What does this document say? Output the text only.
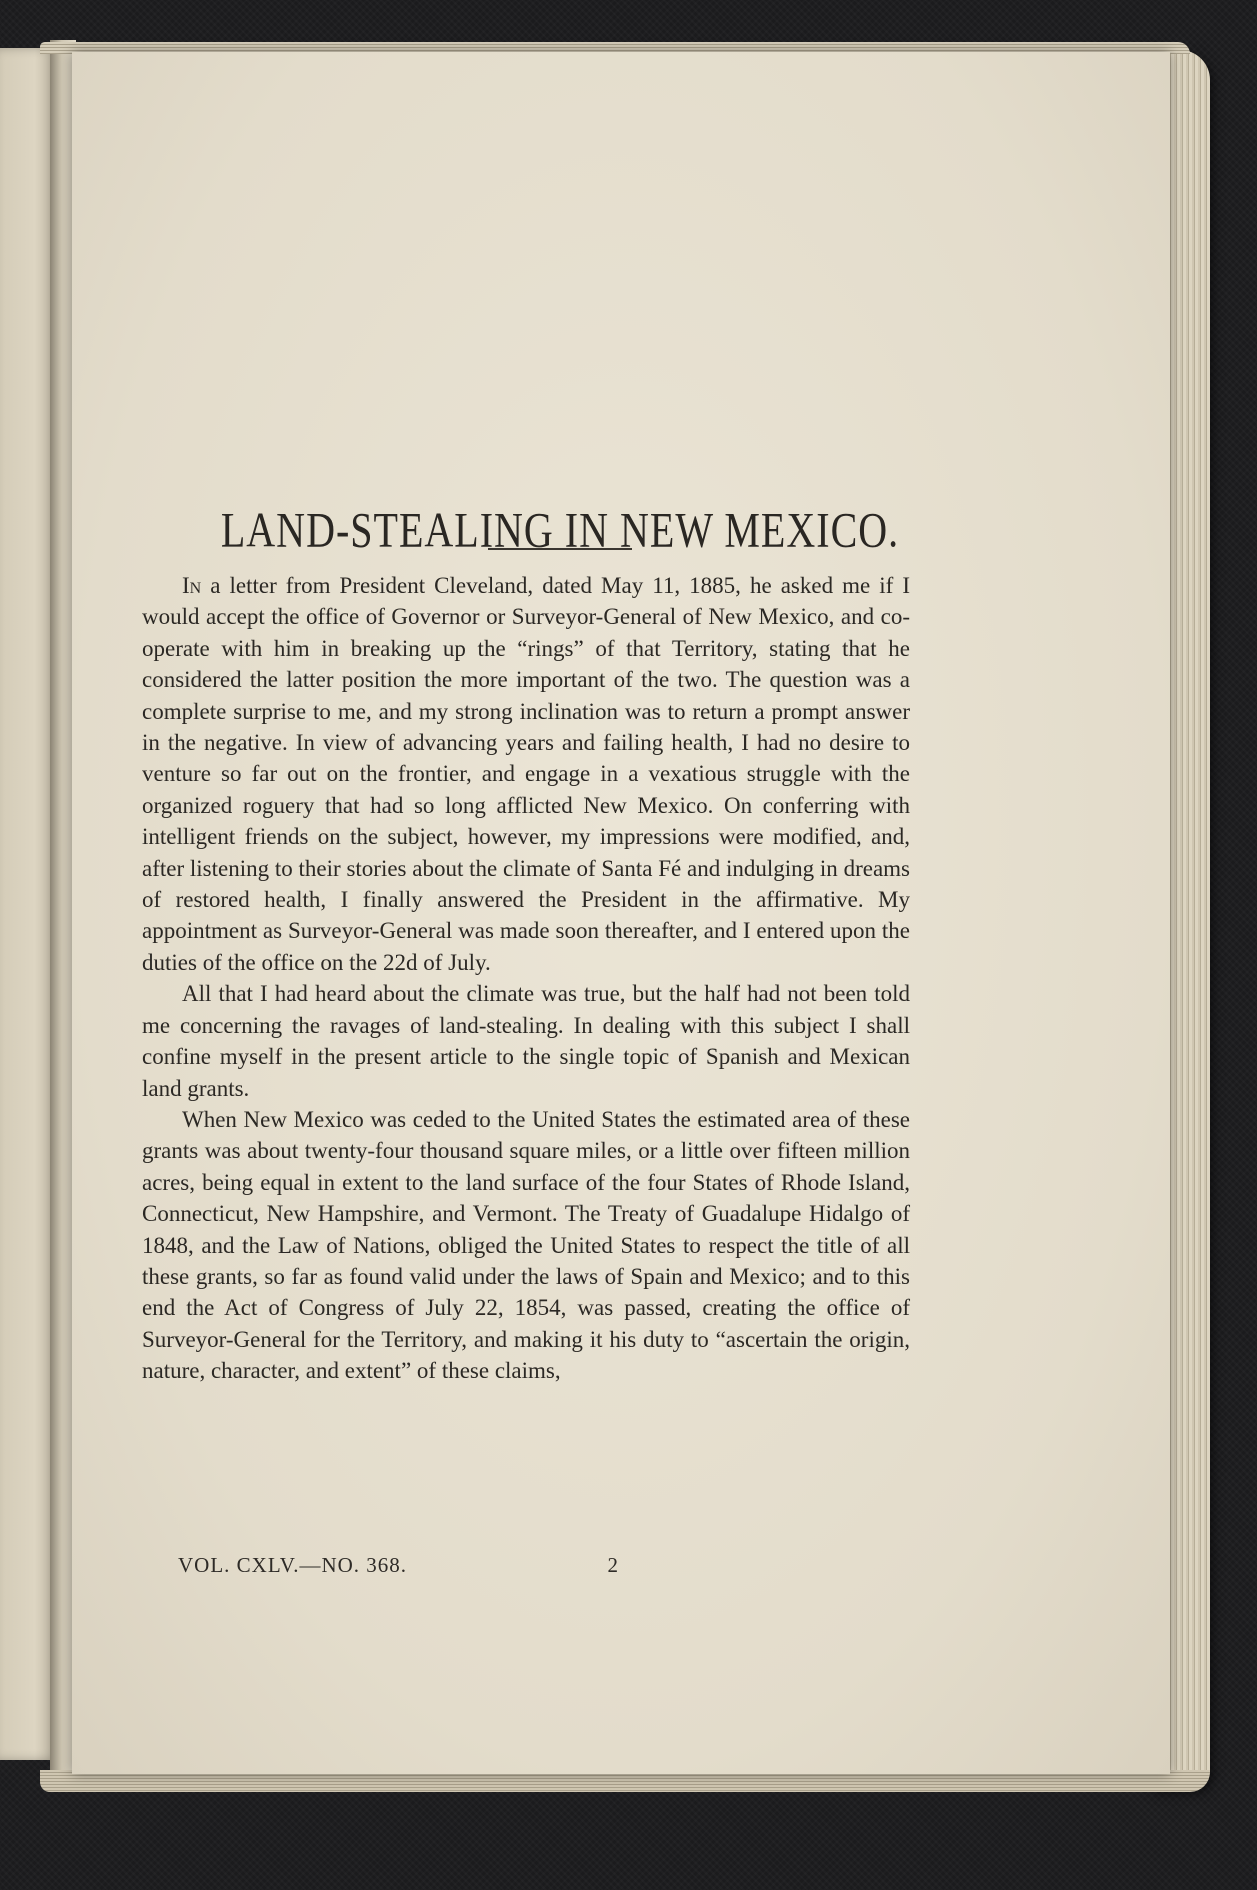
LAND-STEALING IN NEW MEXICO.

In a letter from President Cleveland, dated May 11, 1885, he asked me if I would accept the office of Governor or Surveyor-General of New Mexico, and co-operate with him in breaking up the “rings” of that Territory, stating that he considered the latter position the more important of the two. The question was a complete surprise to me, and my strong inclination was to return a prompt answer in the negative. In view of advancing years and failing health, I had no desire to venture so far out on the frontier, and engage in a vexatious struggle with the organized roguery that had so long afflicted New Mexico. On conferring with intelligent friends on the subject, however, my impressions were modified, and, after listening to their stories about the climate of Santa Fé and indulging in dreams of restored health, I finally answered the President in the affirmative. My appointment as Surveyor-General was made soon thereafter, and I entered upon the duties of the office on the 22d of July.

All that I had heard about the climate was true, but the half had not been told me concerning the ravages of land-stealing. In dealing with this subject I shall confine myself in the present article to the single topic of Spanish and Mexican land grants.

When New Mexico was ceded to the United States the estimated area of these grants was about twenty-four thousand square miles, or a little over fifteen million acres, being equal in extent to the land surface of the four States of Rhode Island, Connecticut, New Hampshire, and Vermont. The Treaty of Guadalupe Hidalgo of 1848, and the Law of Nations, obliged the United States to respect the title of all these grants, so far as found valid under the laws of Spain and Mexico; and to this end the Act of Congress of July 22, 1854, was passed, creating the office of Surveyor-General for the Territory, and making it his duty to “ascertain the origin, nature, character, and extent” of these claims,

VOL. CXLV.—NO. 368.	2
